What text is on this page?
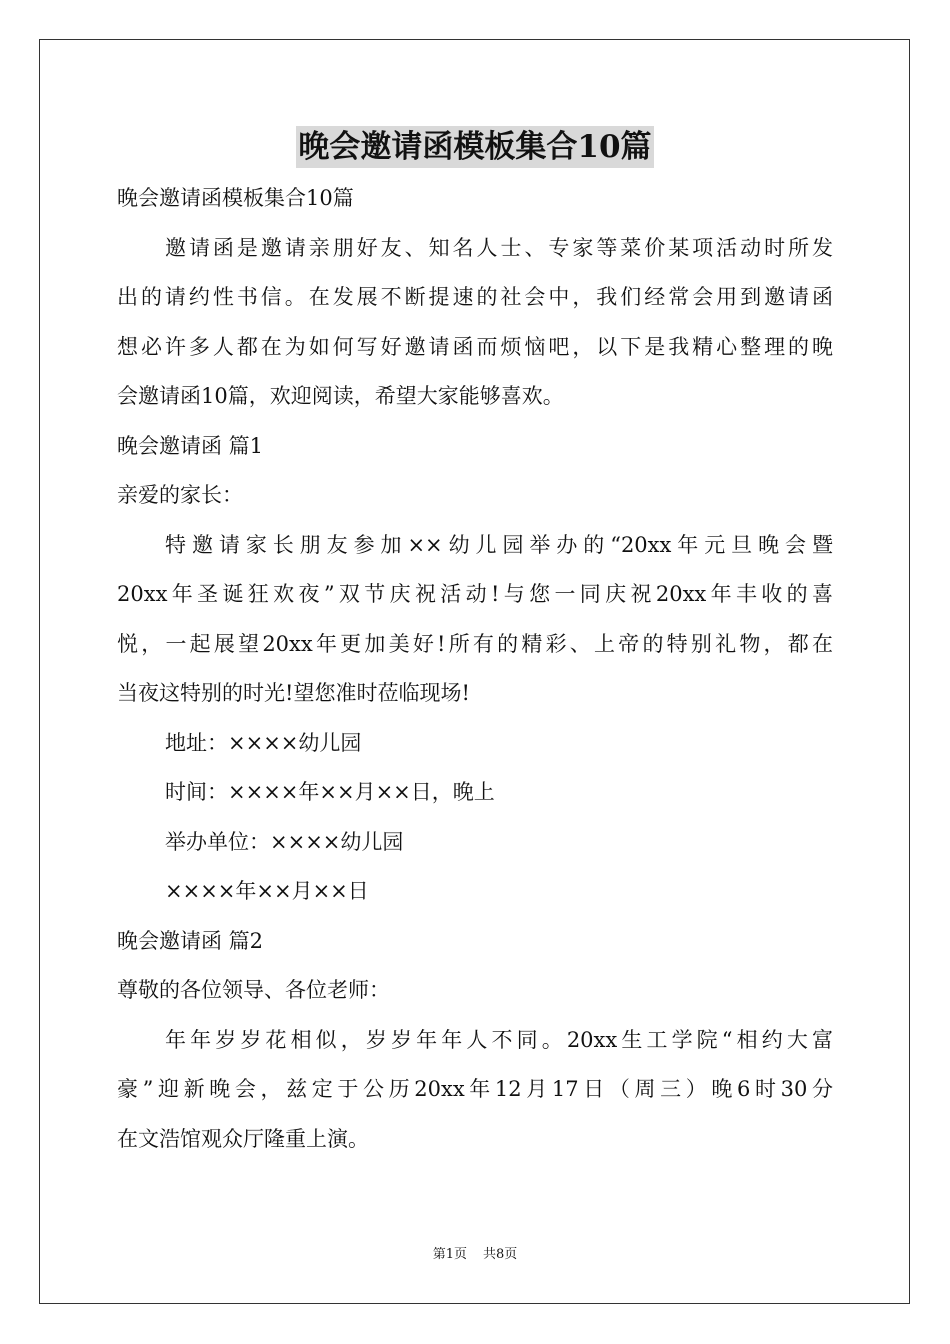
晚会邀请函模板集合10篇
晚会邀请函模板集合10篇
邀请函是邀请亲朋好友、知名人士、专家等菜价某项活动时所发
出的请约性书信。在发展不断提速的社会中，我们经常会用到邀请函
想必许多人都在为如何写好邀请函而烦恼吧，以下是我精心整理的晚
会邀请函10篇，欢迎阅读，希望大家能够喜欢。
晚会邀请函 篇1
亲爱的家长：
特邀请家长朋友参加××幼儿园举办的“20xx年元旦晚会暨
20xx年圣诞狂欢夜”双节庆祝活动!与您一同庆祝20xx年丰收的喜
悦，一起展望20xx年更加美好!所有的精彩、上帝的特别礼物，都在
当夜这特别的时光!望您准时莅临现场!
地址：××××幼儿园
时间：××××年××月××日，晚上
举办单位：××××幼儿园
××××年××月××日
晚会邀请函 篇2
尊敬的各位领导、各位老师：
年年岁岁花相似，岁岁年年人不同。20xx生工学院“相约大富
豪”迎新晚会，兹定于公历20xx年12月17日（周三）晚6时30分
在文浩馆观众厅隆重上演。
第1页 共8页
